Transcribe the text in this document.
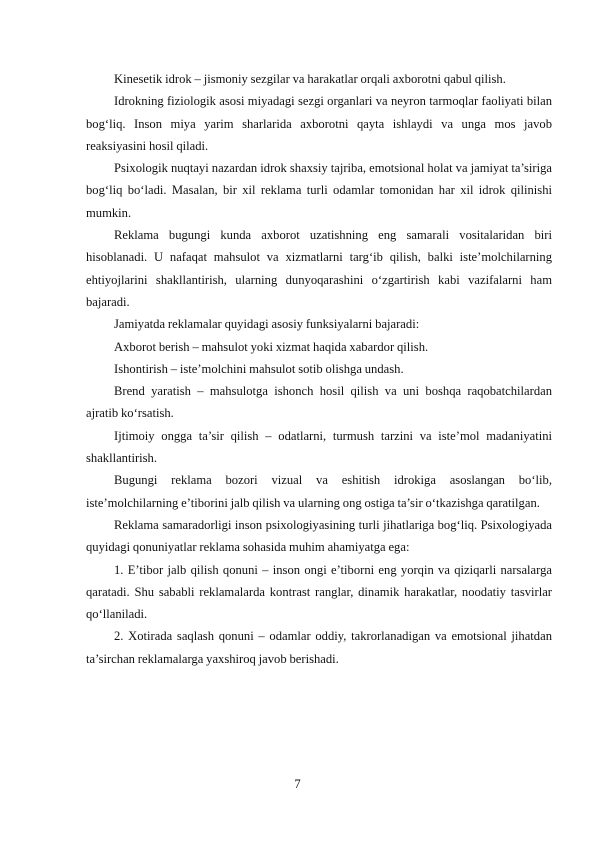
Kinesetik idrok – jismoniy sezgilar va harakatlar orqali axborotni qabul qilish.

Idrokning fiziologik asosi miyadagi sezgi organlari va neyron tarmoqlar faoliyati bilan bog‘liq. Inson miya yarim sharlarida axborotni qayta ishlaydi va unga mos javob reaksiyasini hosil qiladi.

Psixologik nuqtayi nazardan idrok shaxsiy tajriba, emotsional holat va jamiyat ta’siriga bog‘liq bo‘ladi. Masalan, bir xil reklama turli odamlar tomonidan har xil idrok qilinishi mumkin.

Reklama bugungi kunda axborot uzatishning eng samarali vositalaridan biri hisoblanadi. U nafaqat mahsulot va xizmatlarni targ‘ib qilish, balki iste’molchilarning ehtiyojlarini shakllantirish, ularning dunyoqarashini o‘zgartirish kabi vazifalarni ham bajaradi.

Jamiyatda reklamalar quyidagi asosiy funksiyalarni bajaradi:

Axborot berish – mahsulot yoki xizmat haqida xabardor qilish.

Ishontirish – iste’molchini mahsulot sotib olishga undash.

Brend yaratish – mahsulotga ishonch hosil qilish va uni boshqa raqobatchilardan ajratib ko‘rsatish.

Ijtimoiy ongga ta’sir qilish – odatlarni, turmush tarzini va iste’mol madaniyatini shakllantirish.

Bugungi reklama bozori vizual va eshitish idrokiga asoslangan bo‘lib, iste’molchilarning e’tiborini jalb qilish va ularning ong ostiga ta’sir o‘tkazishga qaratilgan.

Reklama samaradorligi inson psixologiyasining turli jihatlariga bog‘liq. Psixologiyada quyidagi qonuniyatlar reklama sohasida muhim ahamiyatga ega:

1. E’tibor jalb qilish qonuni – inson ongi e’tiborni eng yorqin va qiziqarli narsalarga qaratadi. Shu sababli reklamalarda kontrast ranglar, dinamik harakatlar, noodatiy tasvirlar qo‘llaniladi.

2. Xotirada saqlash qonuni – odamlar oddiy, takrorlanadigan va emotsional jihatdan ta’sirchan reklamalarga yaxshiroq javob berishadi.

7
